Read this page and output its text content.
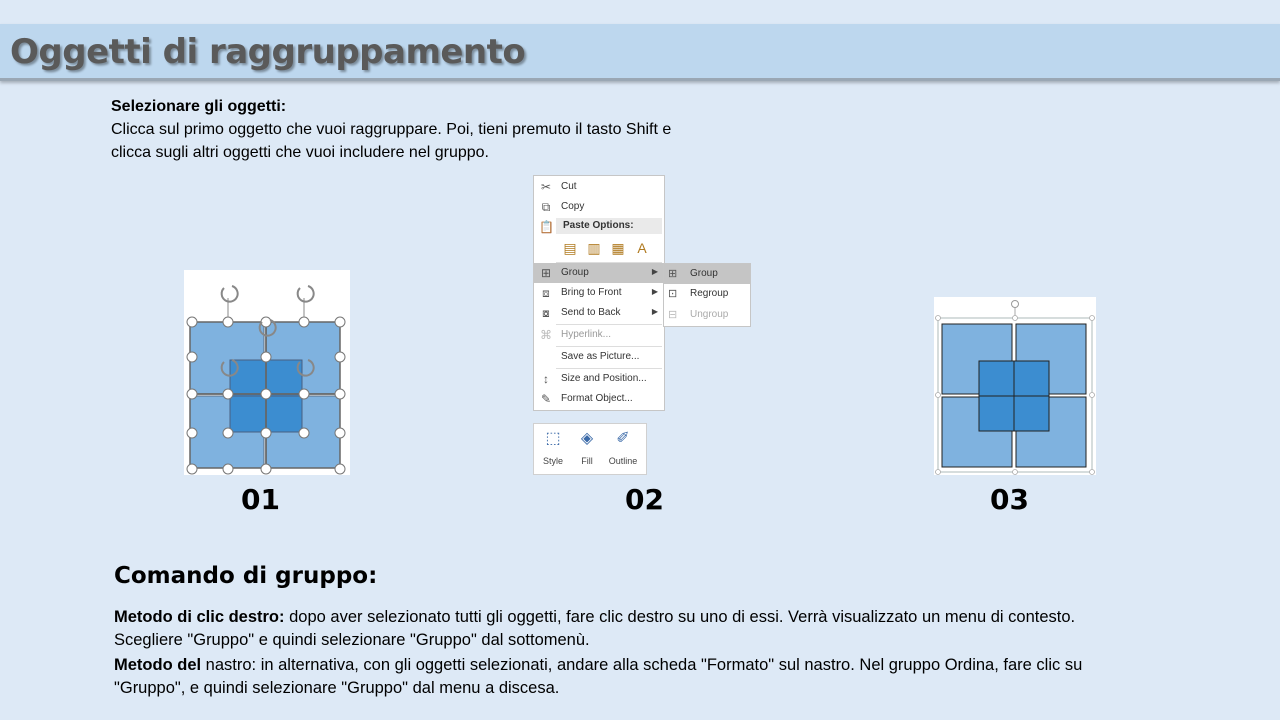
Oggetti di raggruppamento
Selezionare gli oggetti:
Clicca sul primo oggetto che vuoi raggruppare. Poi, tieni premuto il tasto Shift e
clicca sugli altri oggetti che vuoi includere nel gruppo.
01
✂ Cut
⧉ Copy
📋 Paste Options:
▤ ▥ ▦ A
⊞ Group	▶
⧈	Bring to Front	▶
⧇	Send to Back	▶
⌘ Hyperlink...
Save as Picture...
↕	Size and Position...
✎ Format Object...
⊞ Group
⊡ Regroup
⊟ Ungroup
⬚
Style
◈
Fill
✐
Outline
02	03
Comando di gruppo:
Metodo di clic destro: dopo aver selezionato tutti gli oggetti, fare clic destro su uno di essi. Verrà visualizzato un menu di contesto. Scegliere "Gruppo" e quindi selezionare "Gruppo" dal sottomenù.
Metodo del nastro: in alternativa, con gli oggetti selezionati, andare alla scheda "Formato" sul nastro. Nel gruppo Ordina, fare clic su "Gruppo", e quindi selezionare "Gruppo" dal menu a discesa.
